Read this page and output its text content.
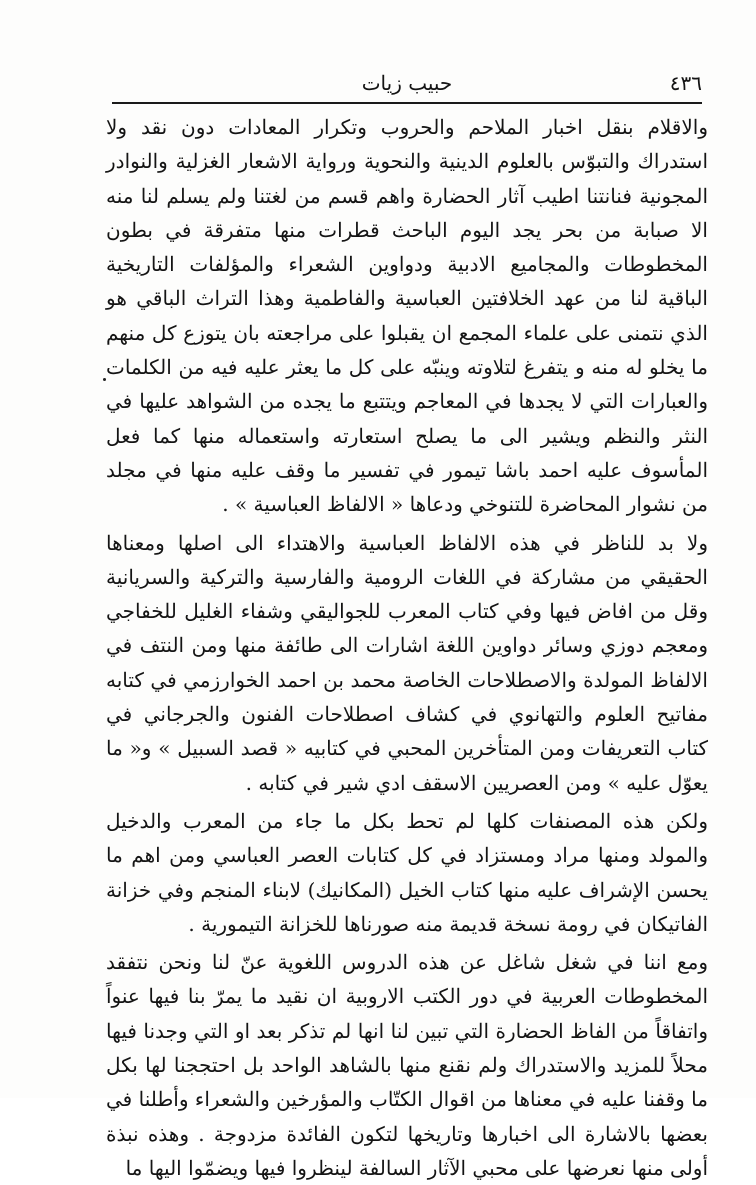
٤٣٦
حبيب زيات

والاقلام بنقل اخبار الملاحم والحروب وتكرار المعادات دون نقد ولا استدراك والتبوّس بالعلوم الدينية والنحوية ورواية الاشعار الغزلية والنوادر المجونية فنانتنا اطيب آثار الحضارة واهم قسم من لغتنا ولم يسلم لنا منه الا صبابة من بحر يجد اليوم الباحث قطرات منها متفرقة في بطون المخطوطات والمجاميع الادبية ودواوين الشعراء والمؤلفات التاريخية الباقية لنا من عهد الخلافتين العباسية والفاطمية وهذا التراث الباقي هو الذي نتمنى على علماء المجمع ان يقبلوا على مراجعته بان يتوزع كل منهم ما يخلو له منه و يتفرغ لتلاوته وينبّه على كل ما يعثر عليه فيه من الكلمات والعبارات التي لا يجدها في المعاجم ويتتبع ما يجده من الشواهد عليها في النثر والنظم ويشير الى ما يصلح استعارته واستعماله منها كما فعل المأسوف عليه احمد باشا تيمور في تفسير ما وقف عليه منها في مجلد من نشوار المحاضرة للتنوخي ودعاها « الالفاظ العباسية » .

ولا بد للناظر في هذه الالفاظ العباسية والاهتداء الى اصلها ومعناها الحقيقي من مشاركة في اللغات الرومية والفارسية والتركية والسريانية وقل من افاض فيها وفي كتاب المعرب للجواليقي وشفاء الغليل للخفاجي ومعجم دوزي وسائر دواوين اللغة اشارات الى طائفة منها ومن النتف في الالفاظ المولدة والاصطلاحات الخاصة محمد بن احمد الخوارزمي في كتابه مفاتيح العلوم والتهانوي في كشاف اصطلاحات الفنون والجرجاني في كتاب التعريفات ومن المتأخرين المحبي في كتابيه « قصد السبيل » و« ما يعوّل عليه » ومن العصريين الاسقف ادي شير في كتابه .

ولكن هذه المصنفات كلها لم تحط بكل ما جاء من المعرب والدخيل والمولد ومنها مراد ومستزاد في كل كتابات العصر العباسي ومن اهم ما يحسن الإشراف عليه منها كتاب الخيل (المكانيك) لابناء المنجم وفي خزانة الفاتيكان في رومة نسخة قديمة منه صورناها للخزانة التيمورية .

ومع اننا في شغل شاغل عن هذه الدروس اللغوية عنّ لنا ونحن نتفقد المخطوطات العربية في دور الكتب الاروبية ان نقيد ما يمرّ بنا فيها عنواً واتفاقاً من الفاظ الحضارة التي تبين لنا انها لم تذكر بعد او التي وجدنا فيها محلاً للمزيد والاستدراك ولم نقنع منها بالشاهد الواحد بل احتججنا لها بكل ما وقفنا عليه في معناها من اقوال الكتّاب والمؤرخين والشعراء وأطلنا في بعضها بالاشارة الى اخبارها وتاريخها لتكون الفائدة مزدوجة . وهذه نبذة أولى منها نعرضها على محبي الآثار السالفة لينظروا فيها ويضمّوا اليها ما
